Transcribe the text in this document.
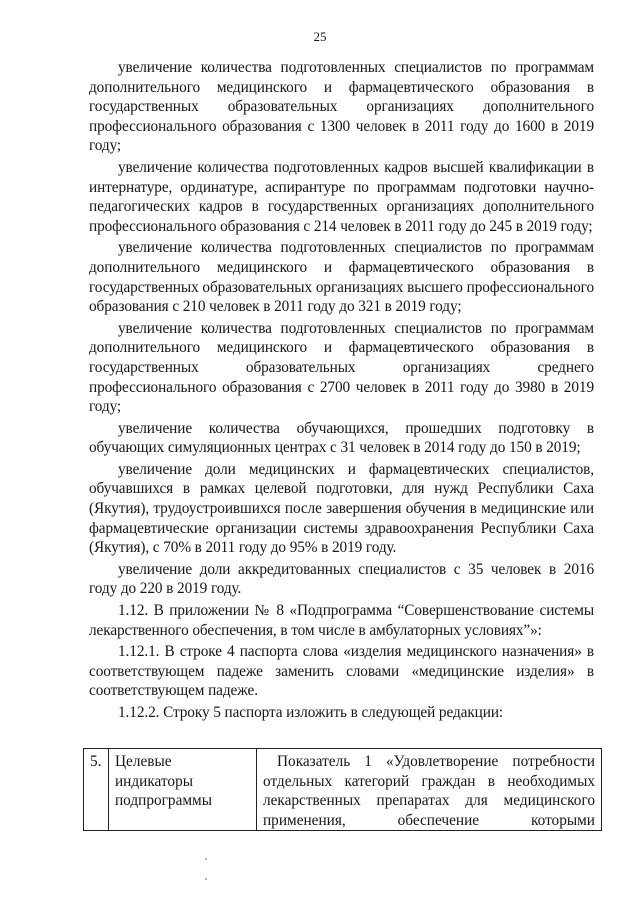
25

увеличение количества подготовленных специалистов по программам дополнительного медицинского и фармацевтического образования в государственных образовательных организациях дополнительного профессионального образования с 1300 человек в 2011 году до 1600 в 2019 году;

увеличение количества подготовленных кадров высшей квалификации в интернатуре, ординатуре, аспирантуре по программам подготовки научно-педагогических кадров в государственных организациях дополнительного профессионального образования с 214 человек в 2011 году до 245 в 2019 году;

увеличение количества подготовленных специалистов по программам дополнительного медицинского и фармацевтического образования в государственных образовательных организациях высшего профессионального образования с 210 человек в 2011 году до 321 в 2019 году;

увеличение количества подготовленных специалистов по программам дополнительного медицинского и фармацевтического образования в государственных образовательных организациях среднего профессионального образования с 2700 человек в 2011 году до 3980 в 2019 году;

увеличение количества обучающихся, прошедших подготовку в обучающих симуляционных центрах с 31 человек в 2014 году до 150 в 2019;

увеличение доли медицинских и фармацевтических специалистов, обучавшихся в рамках целевой подготовки, для нужд Республики Саха (Якутия), трудоустроившихся после завершения обучения в медицинские или фармацевтические организации системы здравоохранения Республики Саха (Якутия), с 70% в 2011 году до 95% в 2019 году.

увеличение доли аккредитованных специалистов с 35 человек в 2016 году до 220 в 2019 году.

1.12. В приложении № 8 «Подпрограмма “Совершенствование системы лекарственного обеспечения, в том числе в амбулаторных условиях”»:

1.12.1. В строке 4 паспорта слова «изделия медицинского назначения» в соответствующем падеже заменить словами «медицинские изделия» в соответствующем падеже.

1.12.2. Строку 5 паспорта изложить в следующей редакции:

5.	Целевые индикаторы подпрограммы	Показатель 1 «Удовлетворение потребности отдельных категорий граждан в необходимых лекарственных препаратах для медицинского применения, обеспечение которыми
